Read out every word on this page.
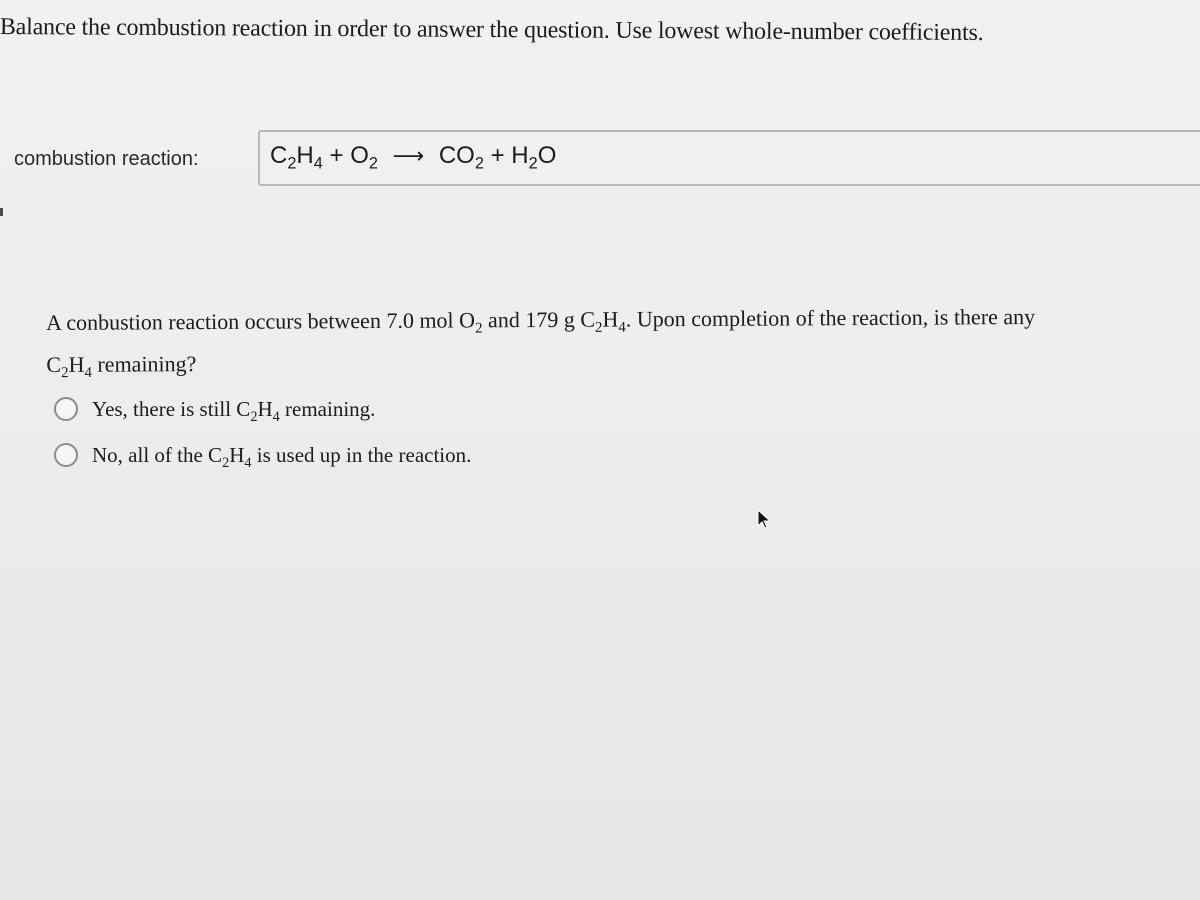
Balance the combustion reaction in order to answer the question. Use lowest whole-number coefficients.
combustion reaction:	$C_2H_4 + O_2$ ⟶ $CO_2 + H_2O$
A conbustion reaction occurs between 7.0 mol $O_2$ and 179 g $C_2H_4$. Upon completion of the reaction, is there any
$C_2H_4$ remaining?
Yes, there is still $C_2H_4$ remaining.
No, all of the $C_2H_4$ is used up in the reaction.
